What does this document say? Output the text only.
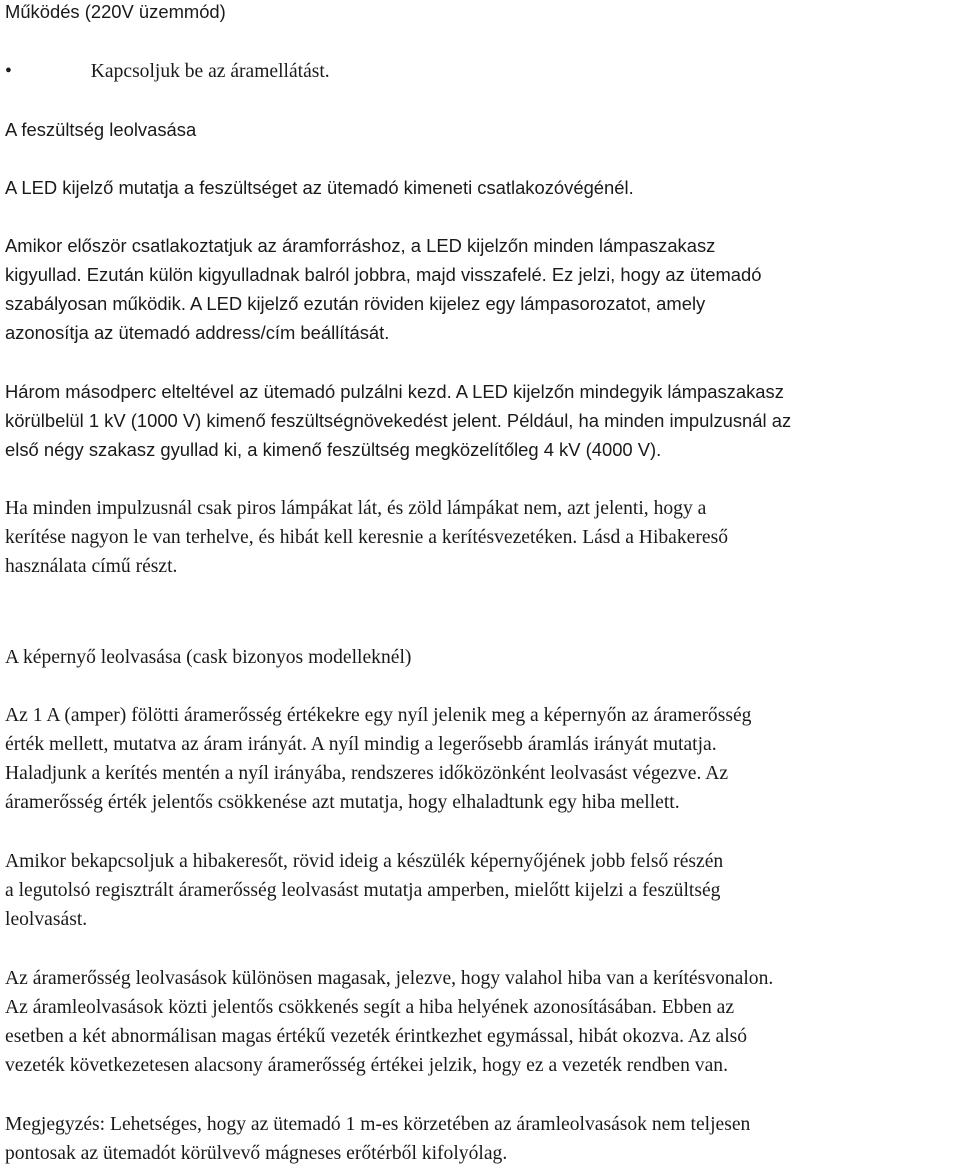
Működés (220V üzemmód)

•	Kapcsoljuk be az áramellátást.

A feszültség leolvasása

A LED kijelző mutatja a feszültséget az ütemadó kimeneti csatlakozóvégénél.

Amikor először csatlakoztatjuk az áramforráshoz, a LED kijelzőn minden lámpaszakasz

kigyullad. Ezután külön kigyulladnak balról jobbra, majd visszafelé. Ez jelzi, hogy az ütemadó

szabályosan működik. A LED kijelző ezután röviden kijelez egy lámpasorozatot, amely

azonosítja az ütemadó address/cím beállítását.

Három másodperc elteltével az ütemadó pulzálni kezd. A LED kijelzőn mindegyik lámpaszakasz

körülbelül 1 kV (1000 V) kimenő feszültségnövekedést jelent. Például, ha minden impulzusnál az

első négy szakasz gyullad ki, a kimenő feszültség megközelítőleg 4 kV (4000 V).

Ha minden impulzusnál csak piros lámpákat lát, és zöld lámpákat nem, azt jelenti, hogy a

kerítése nagyon le van terhelve, és hibát kell keresnie a kerítésvezetéken. Lásd a Hibakereső

használata című részt.

A képernyő leolvasása (cask bizonyos modelleknél)

Az 1 A (amper) fölötti áramerősség értékekre egy nyíl jelenik meg a képernyőn az áramerősség

érték mellett, mutatva az áram irányát. A nyíl mindig a legerősebb áramlás irányát mutatja.

Haladjunk a kerítés mentén a nyíl irányába, rendszeres időközönként leolvasást végezve. Az

áramerősség érték jelentős csökkenése azt mutatja, hogy elhaladtunk egy hiba mellett.

Amikor bekapcsoljuk a hibakeresőt, rövid ideig a készülék képernyőjének jobb felső részén

a legutolsó regisztrált áramerősség leolvasást mutatja amperben, mielőtt kijelzi a feszültség

leolvasást.

Az áramerősség leolvasások különösen magasak, jelezve, hogy valahol hiba van a kerítésvonalon.

Az áramleolvasások közti jelentős csökkenés segít a hiba helyének azonosításában. Ebben az

esetben a két abnormálisan magas értékű vezeték érintkezhet egymással, hibát okozva. Az alsó

vezeték következetesen alacsony áramerősség értékei jelzik, hogy ez a vezeték rendben van.

Megjegyzés: Lehetséges, hogy az ütemadó 1 m-es körzetében az áramleolvasások nem teljesen

pontosak az ütemadót körülvevő mágneses erőtérből kifolyólag.
